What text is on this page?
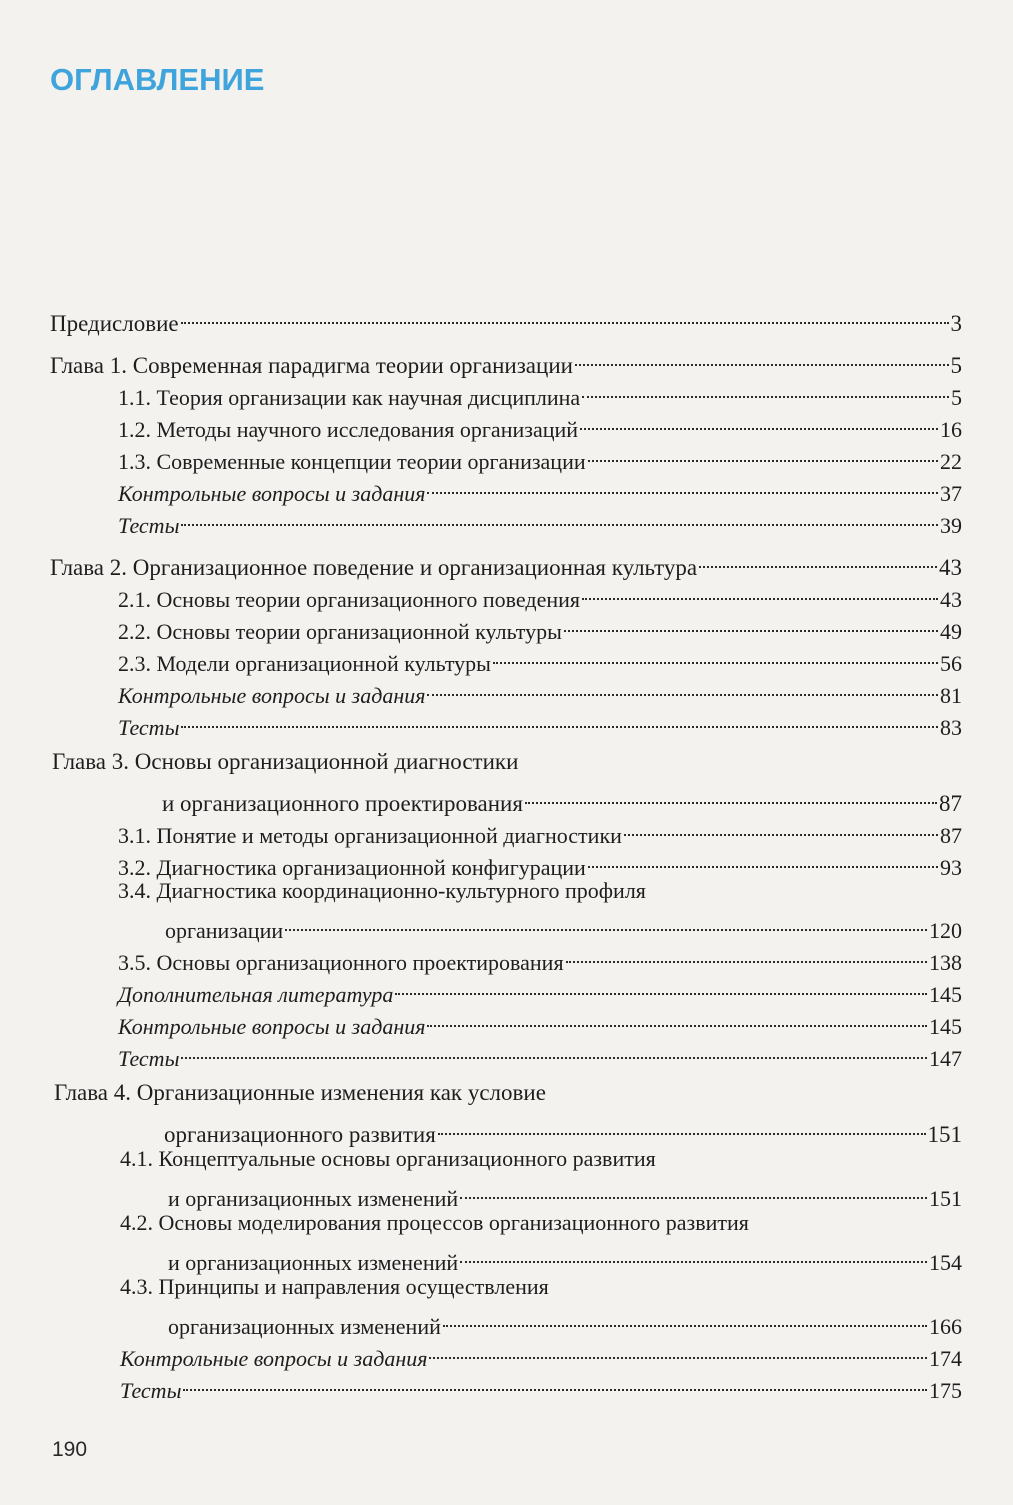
ОГЛАВЛЕНИЕ
Предисловие	3
Глава 1. Современная парадигма теории организации	5
1.1. Теория организации как научная дисциплина	5
1.2. Методы научного исследования организаций	16
1.3. Современные концепции теории организации	22
Контрольные вопросы и задания	37
Тесты	39
Глава 2. Организационное поведение и организационная культура	43
2.1. Основы теории организационного поведения	43
2.2. Основы теории организационной культуры	49
2.3. Модели организационной культуры	56
Контрольные вопросы и задания	81
Тесты	83
Глава 3. Основы организационной диагностики
и организационного проектирования	87
3.1. Понятие и методы организационной диагностики	87
3.2. Диагностика организационной конфигурации	93
3.4. Диагностика координационно-культурного профиля
организации	120
3.5. Основы организационного проектирования	138
Дополнительная литература	145
Контрольные вопросы и задания	145
Тесты	147
Глава 4. Организационные изменения как условие
организационного развития	151
4.1. Концептуальные основы организационного развития
и организационных изменений	151
4.2. Основы моделирования процессов организационного развития
и организационных изменений	154
4.3. Принципы и направления осуществления
организационных изменений	166
Контрольные вопросы и задания	174
Тесты	175
190
